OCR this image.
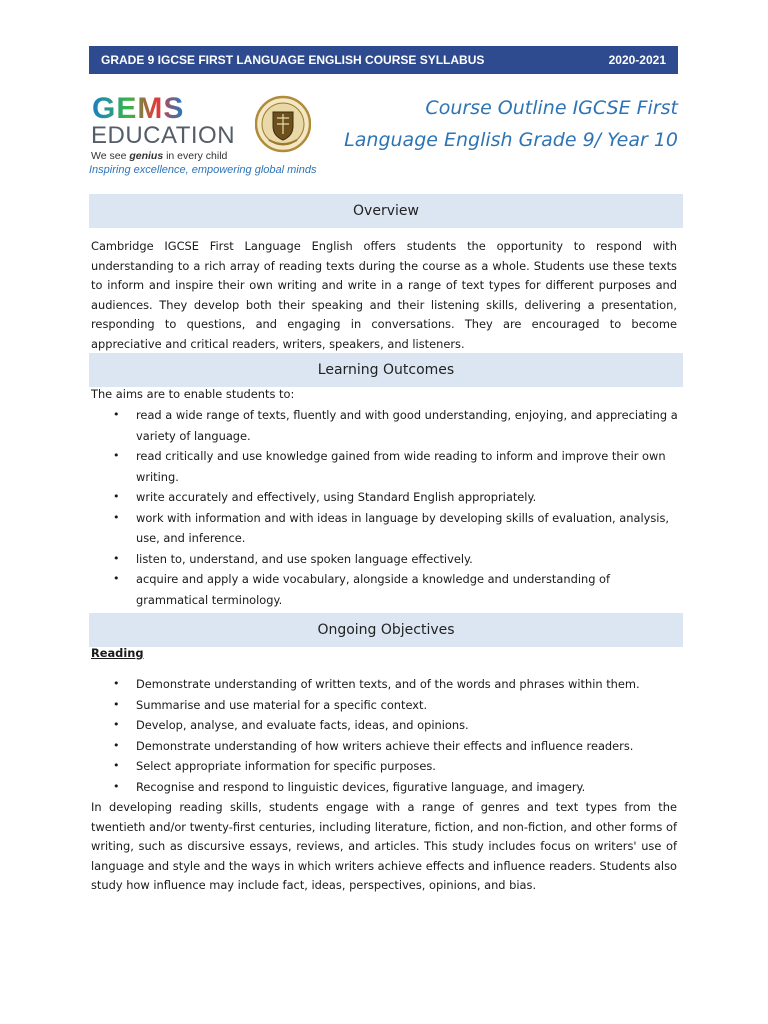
GRADE 9 IGCSE FIRST LANGUAGE ENGLISH COURSE SYLLABUS	2020-2021
GEMS
EDUCATION
We see genius in every child
Inspiring excellence, empowering global minds
Course Outline IGCSE First
Language English Grade 9/ Year 10
Overview
Cambridge IGCSE First Language English offers students the opportunity to respond with understanding to a rich array of reading texts during the course as a whole. Students use these texts to inform and inspire their own writing and write in a range of text types for different purposes and audiences. They develop both their speaking and their listening skills, delivering a presentation, responding to questions, and engaging in conversations. They are encouraged to become appreciative and critical readers, writers, speakers, and listeners.
Learning Outcomes
The aims are to enable students to:
• read a wide range of texts, fluently and with good understanding, enjoying, and appreciating a variety of language.
• read critically and use knowledge gained from wide reading to inform and improve their own writing.
• write accurately and effectively, using Standard English appropriately.
• work with information and with ideas in language by developing skills of evaluation, analysis, use, and inference.
• listen to, understand, and use spoken language effectively.
• acquire and apply a wide vocabulary, alongside a knowledge and understanding of grammatical terminology.
Ongoing Objectives
Reading
• Demonstrate understanding of written texts, and of the words and phrases within them.
• Summarise and use material for a specific context.
• Develop, analyse, and evaluate facts, ideas, and opinions.
• Demonstrate understanding of how writers achieve their effects and influence readers.
• Select appropriate information for specific purposes.
• Recognise and respond to linguistic devices, figurative language, and imagery.
In developing reading skills, students engage with a range of genres and text types from the twentieth and/or twenty-first centuries, including literature, fiction, and non-fiction, and other forms of writing, such as discursive essays, reviews, and articles. This study includes focus on writers' use of language and style and the ways in which writers achieve effects and influence readers. Students also study how influence may include fact, ideas, perspectives, opinions, and bias.
